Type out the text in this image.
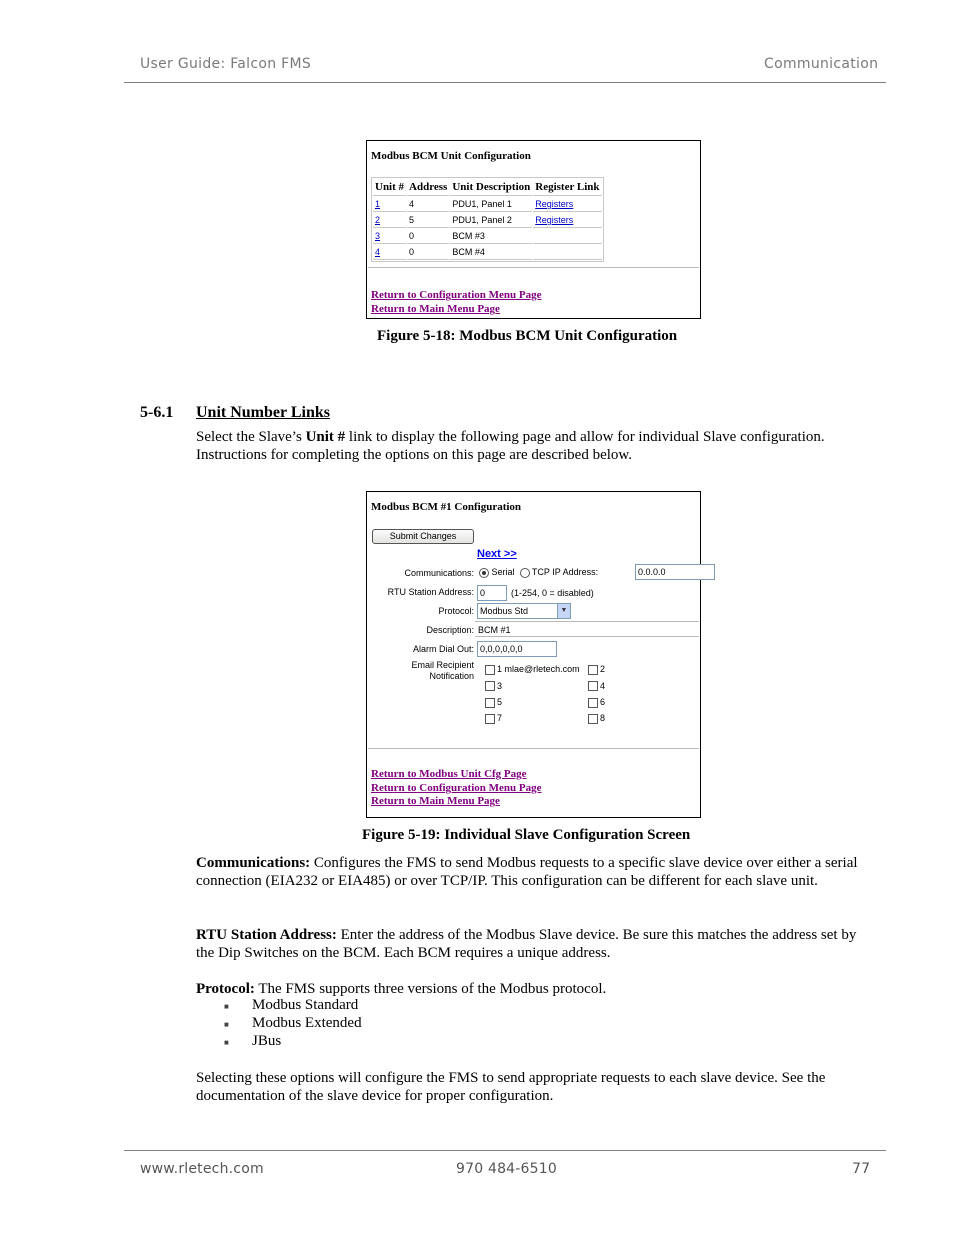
User Guide: Falcon FMS	Communication
Modbus BCM Unit Configuration
Unit #	Address	Unit Description	Register Link
1	4	PDU1, Panel 1	Registers
2	5	PDU1, Panel 2	Registers
3	0	BCM #3	
4	0	BCM #4	
Return to Configuration Menu Page
Return to Main Menu Page
Figure 5-18: Modbus BCM Unit Configuration
5-6.1 Unit Number Links
Select the Slave’s Unit # link to display the following page and allow for individual Slave configuration. Instructions for completing the options on this page are described below.
Modbus BCM #1 Configuration
Submit Changes
Next >>
Communications:	Serial TCP IP Address:	0.0.0.0
RTU Station Address: 0	(1-254, 0 = disabled)
Protocol: Modbus Std	▼
Description: BCM #1
Alarm Dial Out: 0,0,0,0,0,0
Email Recipient
Notification
1 mlae@rletech.com 2
3	4
5	6
7	8
Return to Modbus Unit Cfg Page
Return to Configuration Menu Page
Return to Main Menu Page
Figure 5-19: Individual Slave Configuration Screen
Communications: Configures the FMS to send Modbus requests to a specific slave device over either a serial connection (EIA232 or EIA485) or over TCP/IP. This configuration can be different for each slave unit.
RTU Station Address: Enter the address of the Modbus Slave device. Be sure this matches the address set by the Dip Switches on the BCM. Each BCM requires a unique address.
Protocol: The FMS supports three versions of the Modbus protocol.
■ Modbus Standard
■ Modbus Extended
■ JBus
Selecting these options will configure the FMS to send appropriate requests to each slave device. See the documentation of the slave device for proper configuration.
www.rletech.com	970 484-6510	77
